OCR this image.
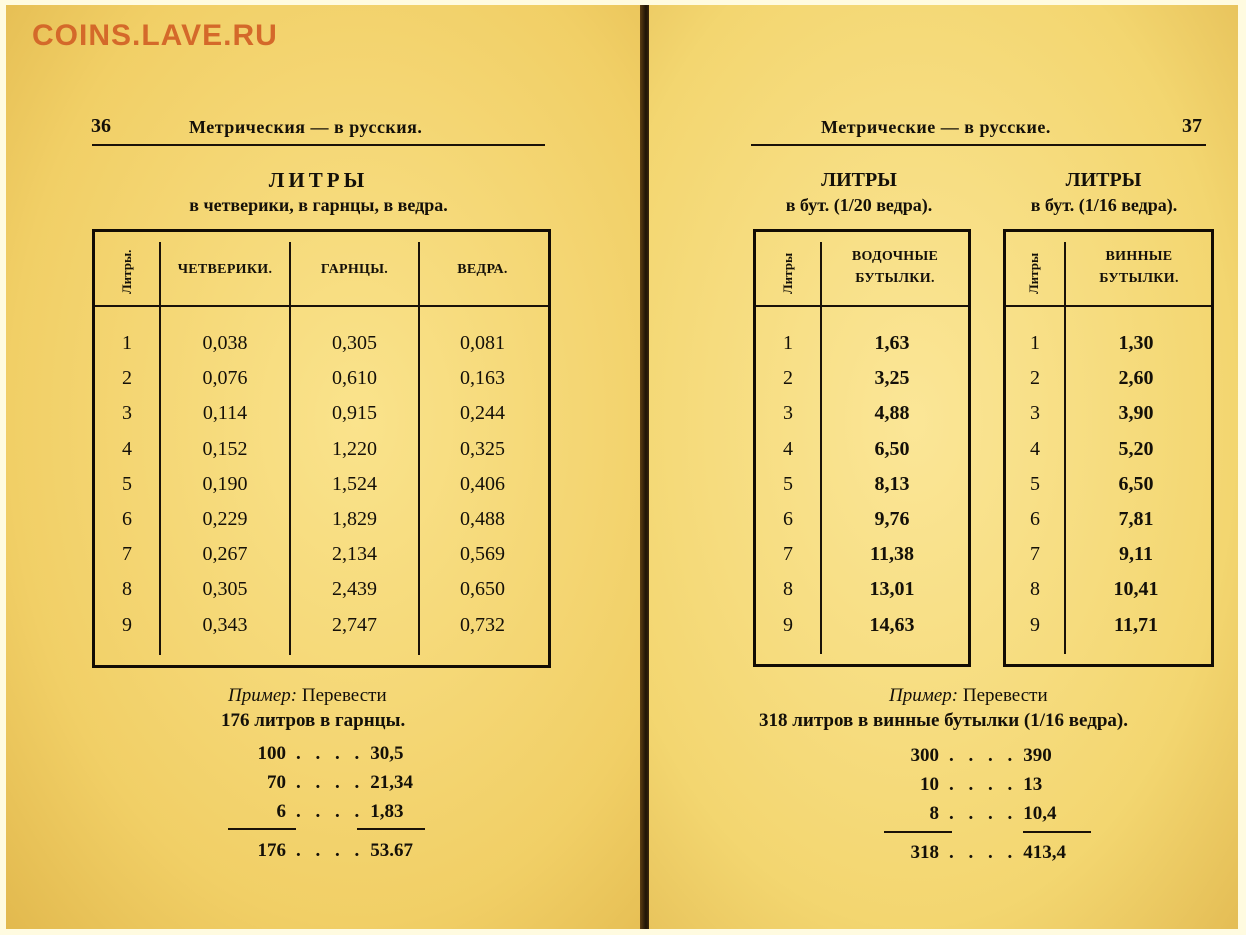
COINS.LAVE.RU
36	Метрическия — в русския.
ЛИТРЫ
в четверики, в гарнцы, в ведра.
Литры.	ЧЕТВЕРИКИ.	ГАРНЦЫ.	ВЕДРА.
1	0,038	0,305	0,081
2	0,076	0,610	0,163
3	0,114	0,915	0,244
4	0,152	1,220	0,325
5	0,190	1,524	0,406
6	0,229	1,829	0,488
7	0,267	2,134	0,569
8	0,305	2,439	0,650
9	0,343	2,747	0,732
Пример: Перевести
176 литров в гарнцы.
100 . . . . 30,5
70 . . . . 21,34
6 . . . . 1,83
176 . . . . 53.67
Метрические — в русские.	37
ЛИТРЫ
в бут. (1/20 ведра).
Литры	ВОДОЧНЫЕ БУТЫЛКИ.
1	1,63
2	3,25
3	4,88
4	6,50
5	8,13
6	9,76
7	11,38
8	13,01
9	14,63
ЛИТРЫ
в бут. (1/16 ведра).
Литры	ВИННЫЕ БУТЫЛКИ.
1	1,30
2	2,60
3	3,90
4	5,20
5	6,50
6	7,81
7	9,11
8	10,41
9	11,71
Пример: Перевести
318 литров в винные бутылки (1/16 ведра).
300 . . . . 390
10 . . . . 13
8 . . . . 10,4
318 . . . . 413,4
